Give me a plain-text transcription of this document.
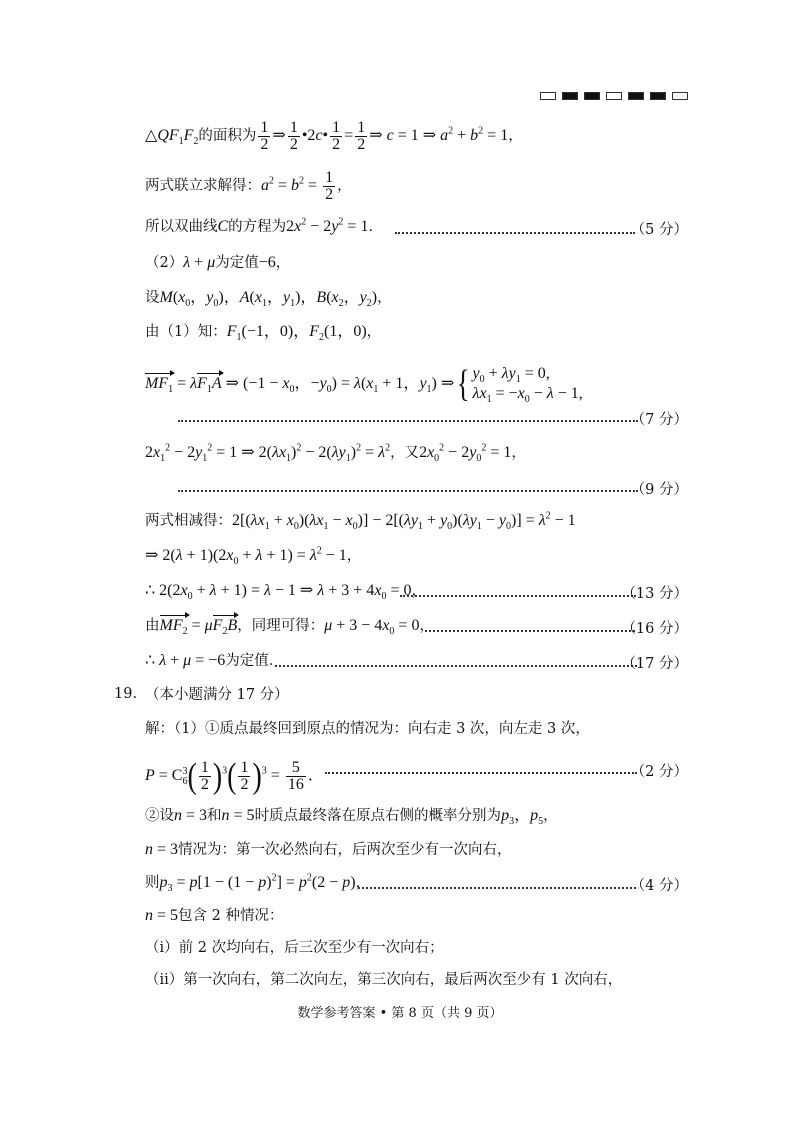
$\triangle QF_1F_2$的面积为 $\frac{1}{2}$ ⇒ $\frac{1}{2}$ •2c• $\frac{1}{2} = \frac{1}{2}$ ⇒ c = 1 ⇒ $a^2 + b^2 = 1$，
两式联立求解得：$a^2 = b^2 = \frac{1}{2}$ ，
所以双曲线C的方程为$2x^2 - 2y^2 = 1$．	（5 分）
（2）λ + μ为定值−6，
设$M(x_0$，$y_0$)，$A(x_1$，$y_1$)，$B(x_2$，$y_2$)，
由（1）知：$F_1(-1$，0)，$F_2(1$，0)，
$MF_1 = \lambda F_1A$ ⇒ ($-1 - x_0$，$-y_0) = \lambda(x_1 + 1$，$y_1$) ⇒{ $y_0 + \lambda y_1 = 0$,
$\lambda x_1 = -x_0 - \lambda - 1$,
（7 分）
$2x_1^2 - 2y_1^2 = 1$ ⇒ $2(\lambda x_1)^2 - 2(\lambda y_1)^2 = \lambda^2$，又$2x_0^2 - 2y_0^2 = 1$，
（9 分）
两式相减得：$2[(\lambda x_1 + x_0)(\lambda x_1 - x_0)] - 2[(\lambda y_1 + y_0)(\lambda y_1 - y_0)] = \lambda^2 - 1$
⇒ $2(\lambda + 1)(2x_0 + \lambda + 1) = \lambda^2 - 1$，
∴ $2(2x_0 + \lambda + 1) = \lambda - 1$ ⇒ $\lambda + 3 + 4x_0 = 0$，	（13 分）
由$MF_2 = \mu F_2B$，同理可得：$\mu + 3 - 4x_0 = 0$，	（16 分）
∴ λ + μ = −6为定值．	（17 分）
19. （本小题满分 17 分）
解：（1）①质点最终回到原点的情况为：向右走 3 次，向左走 3 次，
P = C 3
6 ( $\frac{1}{2} )^3( \frac{1}{2} )^3 = \frac{5}{16}$ ．	（2 分）
②设n = 3和n = 5时质点最终落在原点右侧的概率分别为$p_3$，$p_5$，
n = 3情况为：第一次必然向右，后两次至少有一次向右，
则$p_3 = p[1 - (1 - p)^2] = p^2(2 - p)$，	（4 分）
n = 5包含 2 种情况：
（ⅰ）前 2 次均向右，后三次至少有一次向右；
（ⅱ）第一次向右，第二次向左，第三次向右，最后两次至少有 1 次向右，
数学参考答案 • 第 8 页（共 9 页）
